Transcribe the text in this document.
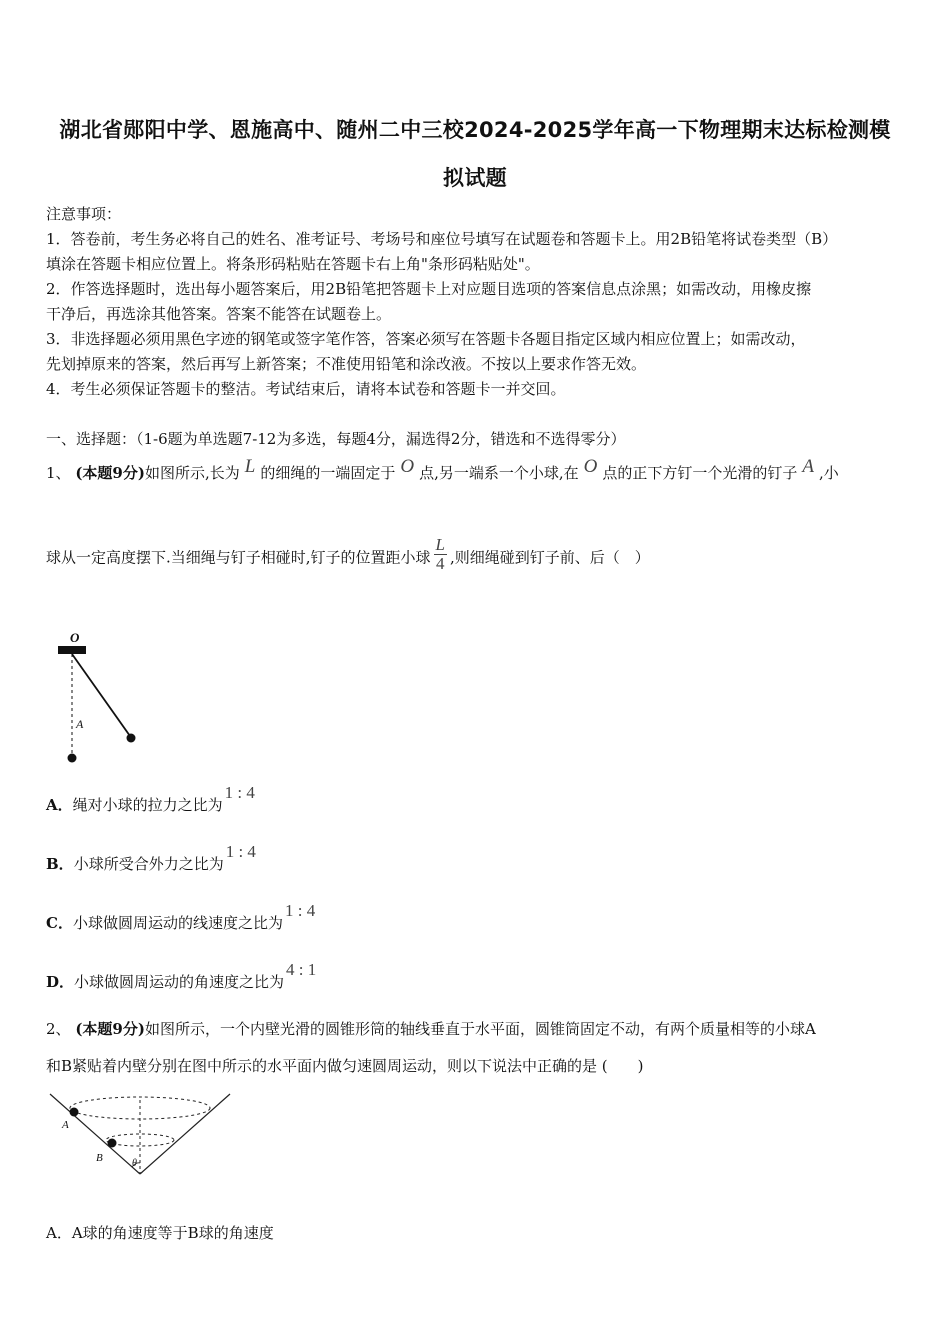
湖北省郧阳中学、恩施高中、随州二中三校2024-2025学年高一下物理期末达标检测模
拟试题
注意事项：
1．答卷前，考生务必将自己的姓名、准考证号、考场号和座位号填写在试题卷和答题卡上。用2B铅笔将试卷类型（B）
填涂在答题卡相应位置上。将条形码粘贴在答题卡右上角"条形码粘贴处"。
2．作答选择题时，选出每小题答案后，用2B铅笔把答题卡上对应题目选项的答案信息点涂黑；如需改动，用橡皮擦
干净后，再选涂其他答案。答案不能答在试题卷上。
3．非选择题必须用黑色字迹的钢笔或签字笔作答，答案必须写在答题卡各题目指定区域内相应位置上；如需改动，
先划掉原来的答案，然后再写上新答案；不准使用铅笔和涂改液。不按以上要求作答无效。
4．考生必须保证答题卡的整洁。考试结束后，请将本试卷和答题卡一并交回。
一、选择题：（1-6题为单选题7-12为多选，每题4分，漏选得2分，错选和不选得零分）
1、 (本题9分)如图所示,长为 L 的细绳的一端固定于 O 点,另一端系一个小球,在 O 点的正下方钉一个光滑的钉子 A ,小
球从一定高度摆下.当细绳与钉子相碰时,钉子的位置距小球 $\frac{L}{4}$ ,则细绳碰到钉子前、后（　）
O
A
A．绳对小球的拉力之比为1 : 4
B．小球所受合外力之比为1 : 4
C．小球做圆周运动的线速度之比为1 : 4
D．小球做圆周运动的角速度之比为4 : 1
2、 (本题9分)如图所示，一个内壁光滑的圆锥形筒的轴线垂直于水平面，圆锥筒固定不动，有两个质量相等的小球A
和B紧贴着内壁分别在图中所示的水平面内做匀速圆周运动，则以下说法中正确的是 (　　)
A
B	θ
A．A球的角速度等于B球的角速度
